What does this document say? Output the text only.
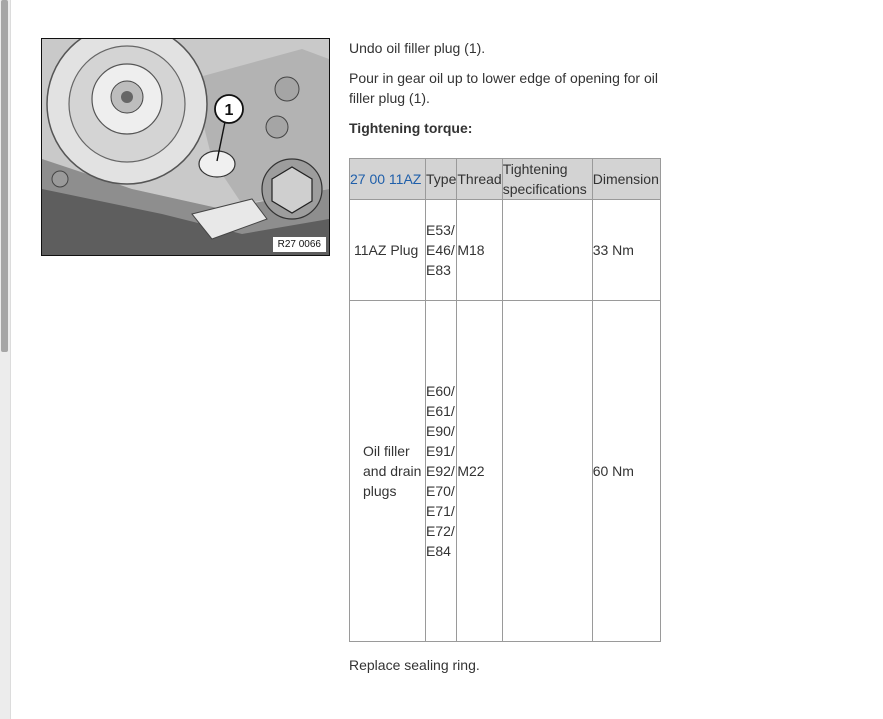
1
R27 0066

Undo oil filler plug (1).

Pour in gear oil up to lower edge of opening for oil filler plug (1).

Tightening torque:

27 00 11AZ	Type	Thread	Tightening specifications	Dimension
11AZ Plug	E53/E46/E83	M18		33 Nm
Oil filler and drain plugs	E60/E61/E90/E91/E92/E70/E71/E72/E84	M22		60 Nm
Replace sealing ring.
